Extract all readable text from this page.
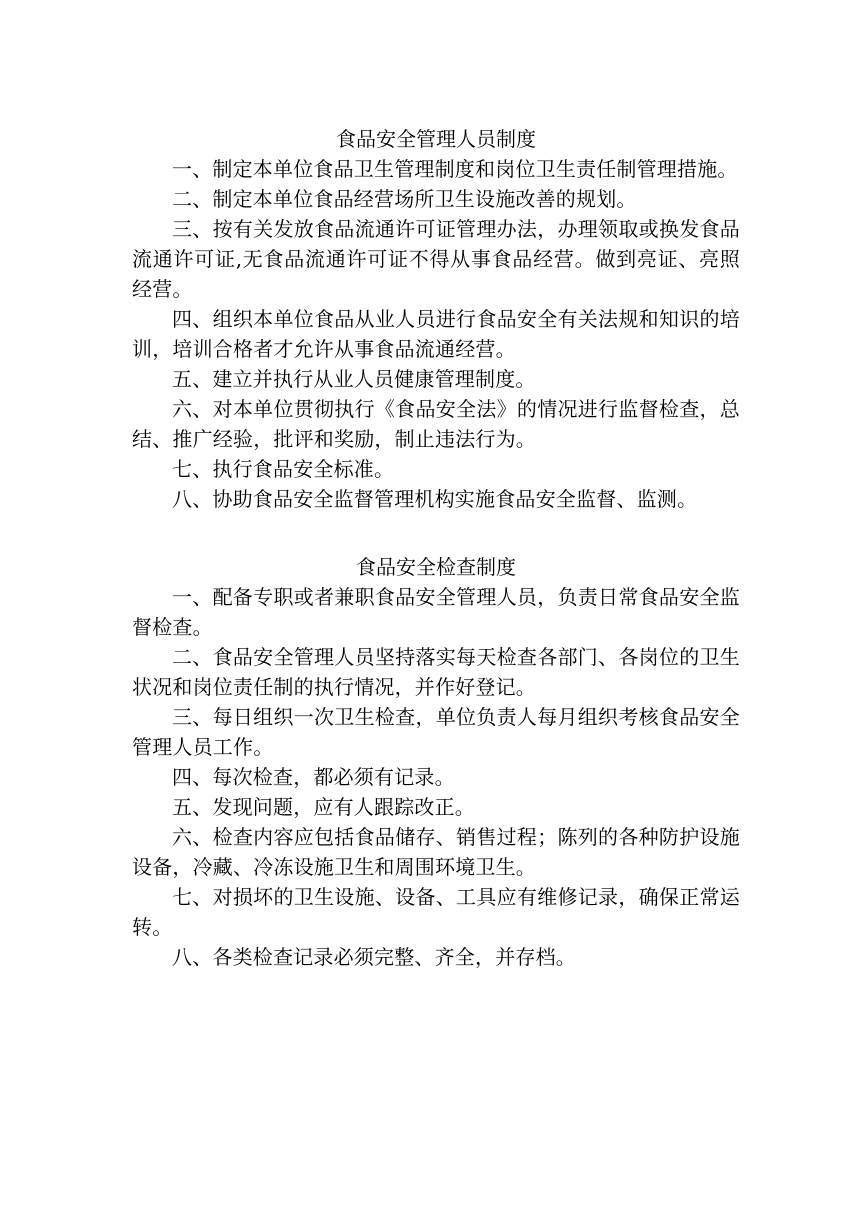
食品安全管理人员制度

一、制定本单位食品卫生管理制度和岗位卫生责任制管理措施。

二、制定本单位食品经营场所卫生设施改善的规划。

三、按有关发放食品流通许可证管理办法，办理领取或换发食品流通许可证,无食品流通许可证不得从事食品经营。做到亮证、亮照经营。

四、组织本单位食品从业人员进行食品安全有关法规和知识的培训，培训合格者才允许从事食品流通经营。

五、建立并执行从业人员健康管理制度。

六、对本单位贯彻执行《食品安全法》的情况进行监督检查，总结、推广经验，批评和奖励，制止违法行为。

七、执行食品安全标准。

八、协助食品安全监督管理机构实施食品安全监督、监测。

食品安全检查制度

一、配备专职或者兼职食品安全管理人员，负责日常食品安全监督检查。

二、食品安全管理人员坚持落实每天检查各部门、各岗位的卫生状况和岗位责任制的执行情况，并作好登记。

三、每日组织一次卫生检查，单位负责人每月组织考核食品安全管理人员工作。

四、每次检查，都必须有记录。

五、发现问题，应有人跟踪改正。

六、检查内容应包括食品储存、销售过程；陈列的各种防护设施设备，冷藏、冷冻设施卫生和周围环境卫生。

七、对损坏的卫生设施、设备、工具应有维修记录，确保正常运转。

八、各类检查记录必须完整、齐全，并存档。
